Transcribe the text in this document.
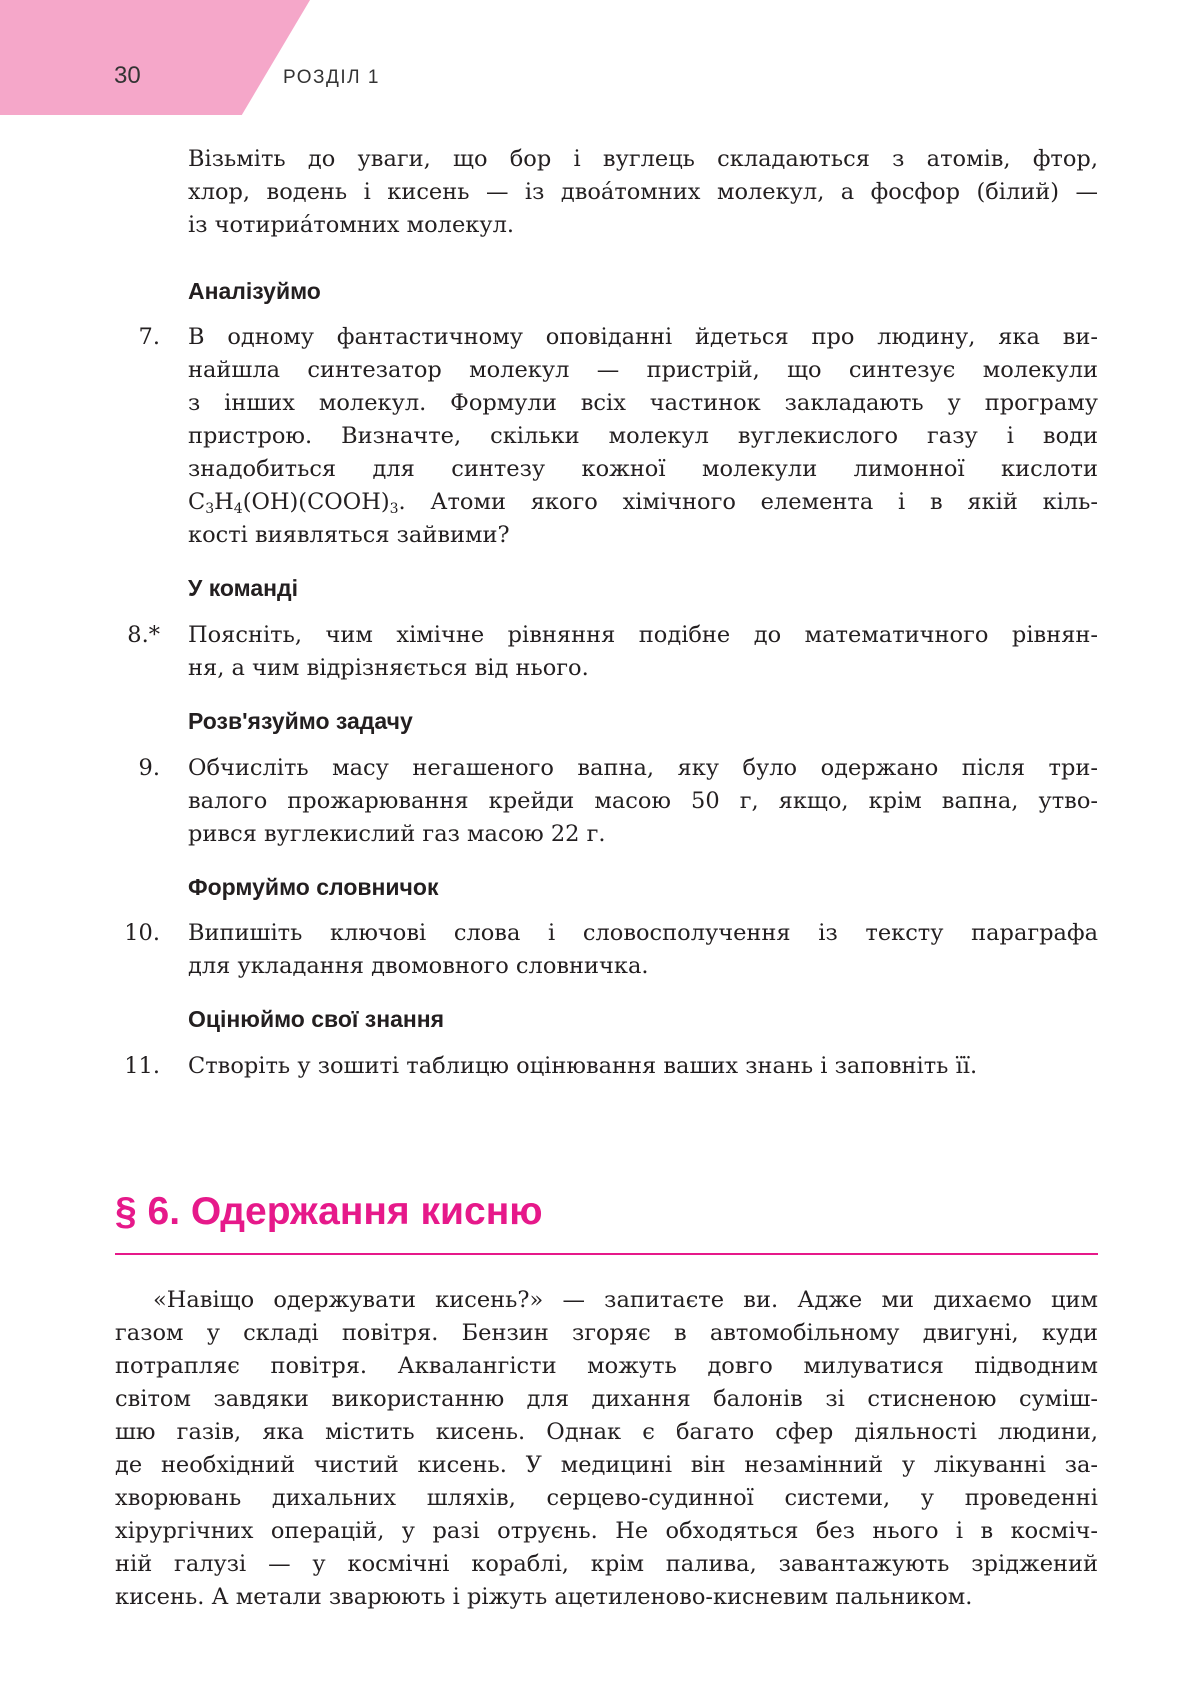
30	РОЗДІЛ 1
Візьміть до уваги, що бор і вуглець складаються з атомів, фтор,
хлор, водень і кисень — із двоáтомних молекул, а фосфор (білий) —
із чотириáтомних молекул.
Аналізуймо
7. В одному фантастичному оповіданні йдеться про людину, яка ви-
найшла синтезатор молекул — пристрій, що синтезує молекули
з інших молекул. Формули всіх частинок закладають у програму
пристрою. Визначте, скільки молекул вуглекислого газу і води
знадобиться для синтезу кожної молекули лимонної кислоти
$C_3H_4(OH)(COOH)_3$. Атоми якого хімічного елемента і в якій кіль-
кості виявляться зайвими?
У команді
8.* Поясніть, чим хімічне рівняння подібне до математичного рівнян-
ня, а чим відрізняється від нього.
Розв'язуймо задачу
9. Обчисліть масу негашеного вапна, яку було одержано після три-
валого прожарювання крейди масою 50 г, якщо, крім вапна, утво-
рився вуглекислий газ масою 22 г.
Формуймо словничок
10. Випишіть ключові слова і словосполучення із тексту параграфа
для укладання двомовного словничка.
Оцінюймо свої знання
11. Створіть у зошиті таблицю оцінювання ваших знань і заповніть її.
§ 6. Одержання кисню
«Навіщо одержувати кисень?» — запитаєте ви. Адже ми дихаємо цим
газом у складі повітря. Бензин згоряє в автомобільному двигуні, куди
потрапляє повітря. Аквалангісти можуть довго милуватися підводним
світом завдяки використанню для дихання балонів зі стисненою суміш-
шю газів, яка містить кисень. Однак є багато сфер діяльності людини,
де необхідний чистий кисень. У медицині він незамінний у лікуванні за-
хворювань дихальних шляхів, серцево-судинної системи, у проведенні
хірургічних операцій, у разі отруєнь. Не обходяться без нього і в косміч-
ній галузі — у космічні кораблі, крім палива, завантажують зріджений
кисень. А метали зварюють і ріжуть ацетиленово-кисневим пальником.
